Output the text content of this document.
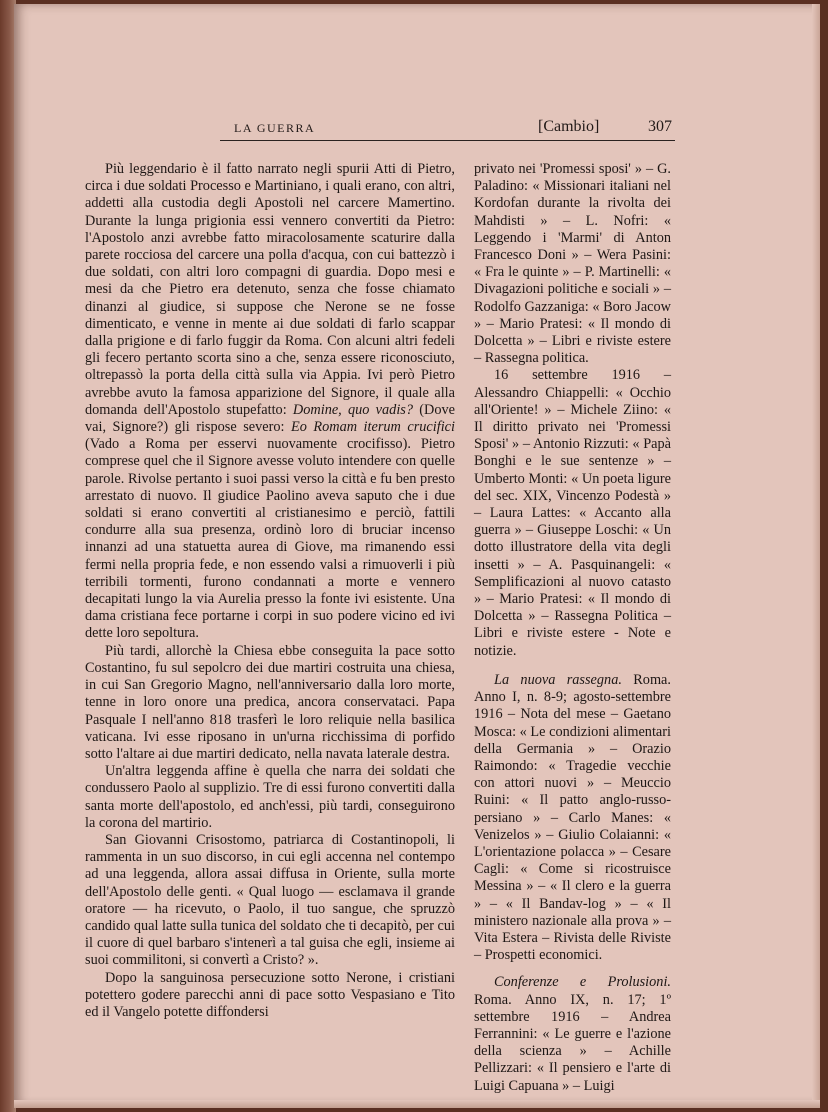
LA GUERRA	[Cambio]	307

Più leggendario è il fatto narrato negli spurii Atti di Pietro, circa i due soldati Processo e Martiniano, i quali erano, con altri, addetti alla custodia degli Apostoli nel carcere Mamertino. Durante la lunga prigionia essi vennero convertiti da Pietro: l'Apostolo anzi avrebbe fatto miracolosamente scaturire dalla parete rocciosa del carcere una polla d'acqua, con cui battezzò i due soldati, con altri loro compagni di guardia. Dopo mesi e mesi da che Pietro era detenuto, senza che fosse chiamato dinanzi al giudice, si suppose che Nerone se ne fosse dimenticato, e venne in mente ai due soldati di farlo scappar dalla prigione e di farlo fuggir da Roma. Con alcuni altri fedeli gli fecero pertanto scorta sino a che, senza essere riconosciuto, oltrepassò la porta della città sulla via Appia. Ivi però Pietro avrebbe avuto la famosa apparizione del Signore, il quale alla domanda dell'Apostolo stupefatto: Domine, quo vadis? (Dove vai, Signore?) gli rispose severo: Eo Romam iterum crucifici (Vado a Roma per esservi nuovamente crocifisso). Pietro comprese quel che il Signore avesse voluto intendere con quelle parole. Rivolse pertanto i suoi passi verso la città e fu ben presto arrestato di nuovo. Il giudice Paolino aveva saputo che i due soldati si erano convertiti al cristianesimo e perciò, fattili condurre alla sua presenza, ordinò loro di bruciar incenso innanzi ad una statuetta aurea di Giove, ma rimanendo essi fermi nella propria fede, e non essendo valsi a rimuoverli i più terribili tormenti, furono condannati a morte e vennero decapitati lungo la via Aurelia presso la fonte ivi esistente. Una dama cristiana fece portarne i corpi in suo podere vicino ed ivi dette loro sepoltura.

Più tardi, allorchè la Chiesa ebbe conseguita la pace sotto Costantino, fu sul sepolcro dei due martiri costruita una chiesa, in cui San Gregorio Magno, nell'anniversario dalla loro morte, tenne in loro onore una predica, ancora conservataci. Papa Pasquale I nell'anno 818 trasferì le loro reliquie nella basilica vaticana. Ivi esse riposano in un'urna ricchissima di porfido sotto l'altare ai due martiri dedicato, nella navata laterale destra.

Un'altra leggenda affine è quella che narra dei soldati che condussero Paolo al supplizio. Tre di essi furono convertiti dalla santa morte dell'apostolo, ed anch'essi, più tardi, conseguirono la corona del martirio.

San Giovanni Crisostomo, patriarca di Costantinopoli, li rammenta in un suo discorso, in cui egli accenna nel contempo ad una leggenda, allora assai diffusa in Oriente, sulla morte dell'Apostolo delle genti. « Qual luogo — esclamava il grande oratore — ha ricevuto, o Paolo, il tuo sangue, che spruzzò candido qual latte sulla tunica del soldato che ti decapitò, per cui il cuore di quel barbaro s'intenerì a tal guisa che egli, insieme ai suoi commilitoni, si convertì a Cristo? ».

Dopo la sanguinosa persecuzione sotto Nerone, i cristiani potettero godere parecchi anni di pace sotto Vespasiano e Tito ed il Vangelo potette diffondersi

privato nei 'Promessi sposi' » – G. Paladino: « Missionari italiani nel Kordofan durante la rivolta dei Mahdisti » – L. Nofri: « Leggendo i 'Marmi' di Anton Francesco Doni » – Wera Pasini: « Fra le quinte » – P. Martinelli: « Divagazioni politiche e sociali » – Rodolfo Gazzaniga: « Boro Jacow » – Mario Pratesi: « Il mondo di Dolcetta » – Libri e riviste estere – Rassegna politica.

16 settembre 1916 – Alessandro Chiappelli: « Occhio all'Oriente! » – Michele Ziino: « Il diritto privato nei 'Promessi Sposi' » – Antonio Rizzuti: « Papà Bonghi e le sue sentenze » – Umberto Monti: « Un poeta ligure del sec. XIX, Vincenzo Podestà » – Laura Lattes: « Accanto alla guerra » – Giuseppe Loschi: « Un dotto illustratore della vita degli insetti » – A. Pasquinangeli: « Semplificazioni al nuovo catasto » – Mario Pratesi: « Il mondo di Dolcetta » – Rassegna Politica – Libri e riviste estere - Note e notizie.

La nuova rassegna. Roma. Anno I, n. 8-9; agosto-settembre 1916 – Nota del mese – Gaetano Mosca: « Le condizioni alimentari della Germania » – Orazio Raimondo: « Tragedie vecchie con attori nuovi » – Meuccio Ruini: « Il patto anglo-russo-persiano » – Carlo Manes: « Venizelos » – Giulio Colaianni: « L'orientazione polacca » – Cesare Cagli: « Come si ricostruisce Messina » – « Il clero e la guerra » – « Il Bandav-log » – « Il ministero nazionale alla prova » – Vita Estera – Rivista delle Riviste – Prospetti economici.

Conferenze e Prolusioni. Roma. Anno IX, n. 17; 1º settembre 1916 – Andrea Ferrannini: « Le guerre e l'azione della scienza » – Achille Pellizzari: « Il pensiero e l'arte di Luigi Capuana » – Luigi
